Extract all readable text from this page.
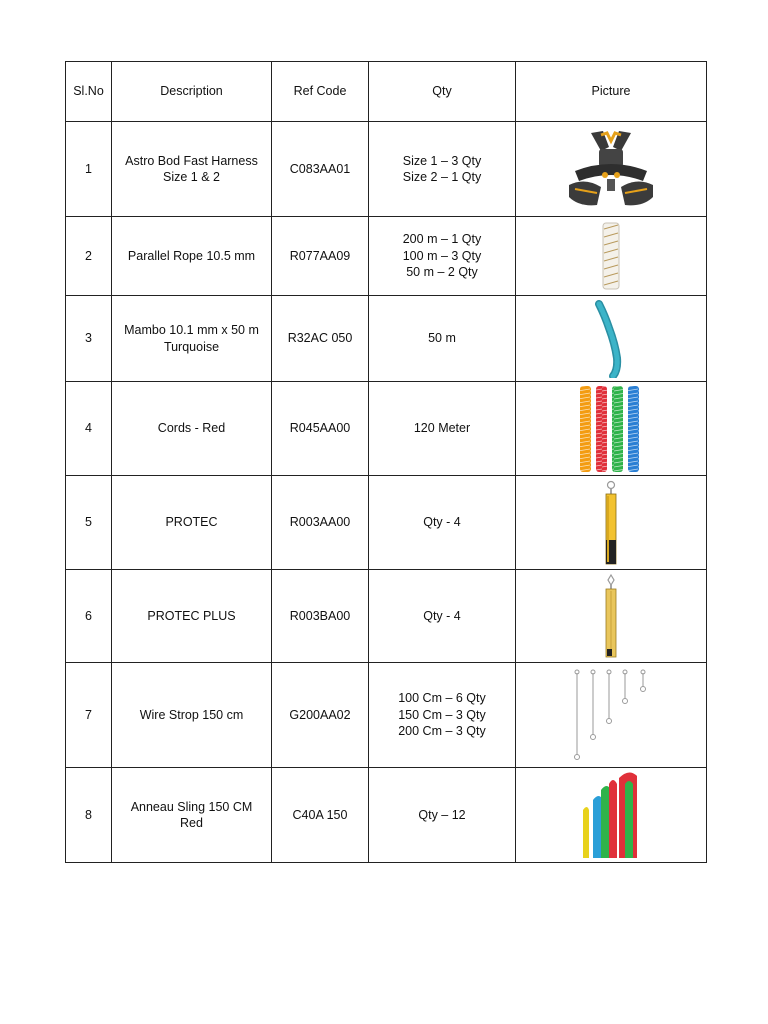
Sl.No	Description	Ref Code	Qty	Picture
1	Astro Bod Fast Harness
Size 1 & 2	C083AA01	Size 1 – 3 Qty
Size 2 – 1 Qty

2	Parallel Rope 10.5 mm	R077AA09	200 m – 1 Qty
100 m – 3 Qty
50 m – 2 Qty

3	Mambo 10.1 mm x 50 m
Turquoise	R32AC 050	50 m

4	Cords - Red	R045AA00	120 Meter

5	PROTEC	R003AA00	Qty - 4

6	PROTEC PLUS	R003BA00	Qty - 4

7	Wire Strop 150 cm	G200AA02	100 Cm – 6 Qty
150 Cm – 3 Qty
200 Cm – 3 Qty

8	Anneau Sling 150 CM
Red	C40A 150	Qty – 12
